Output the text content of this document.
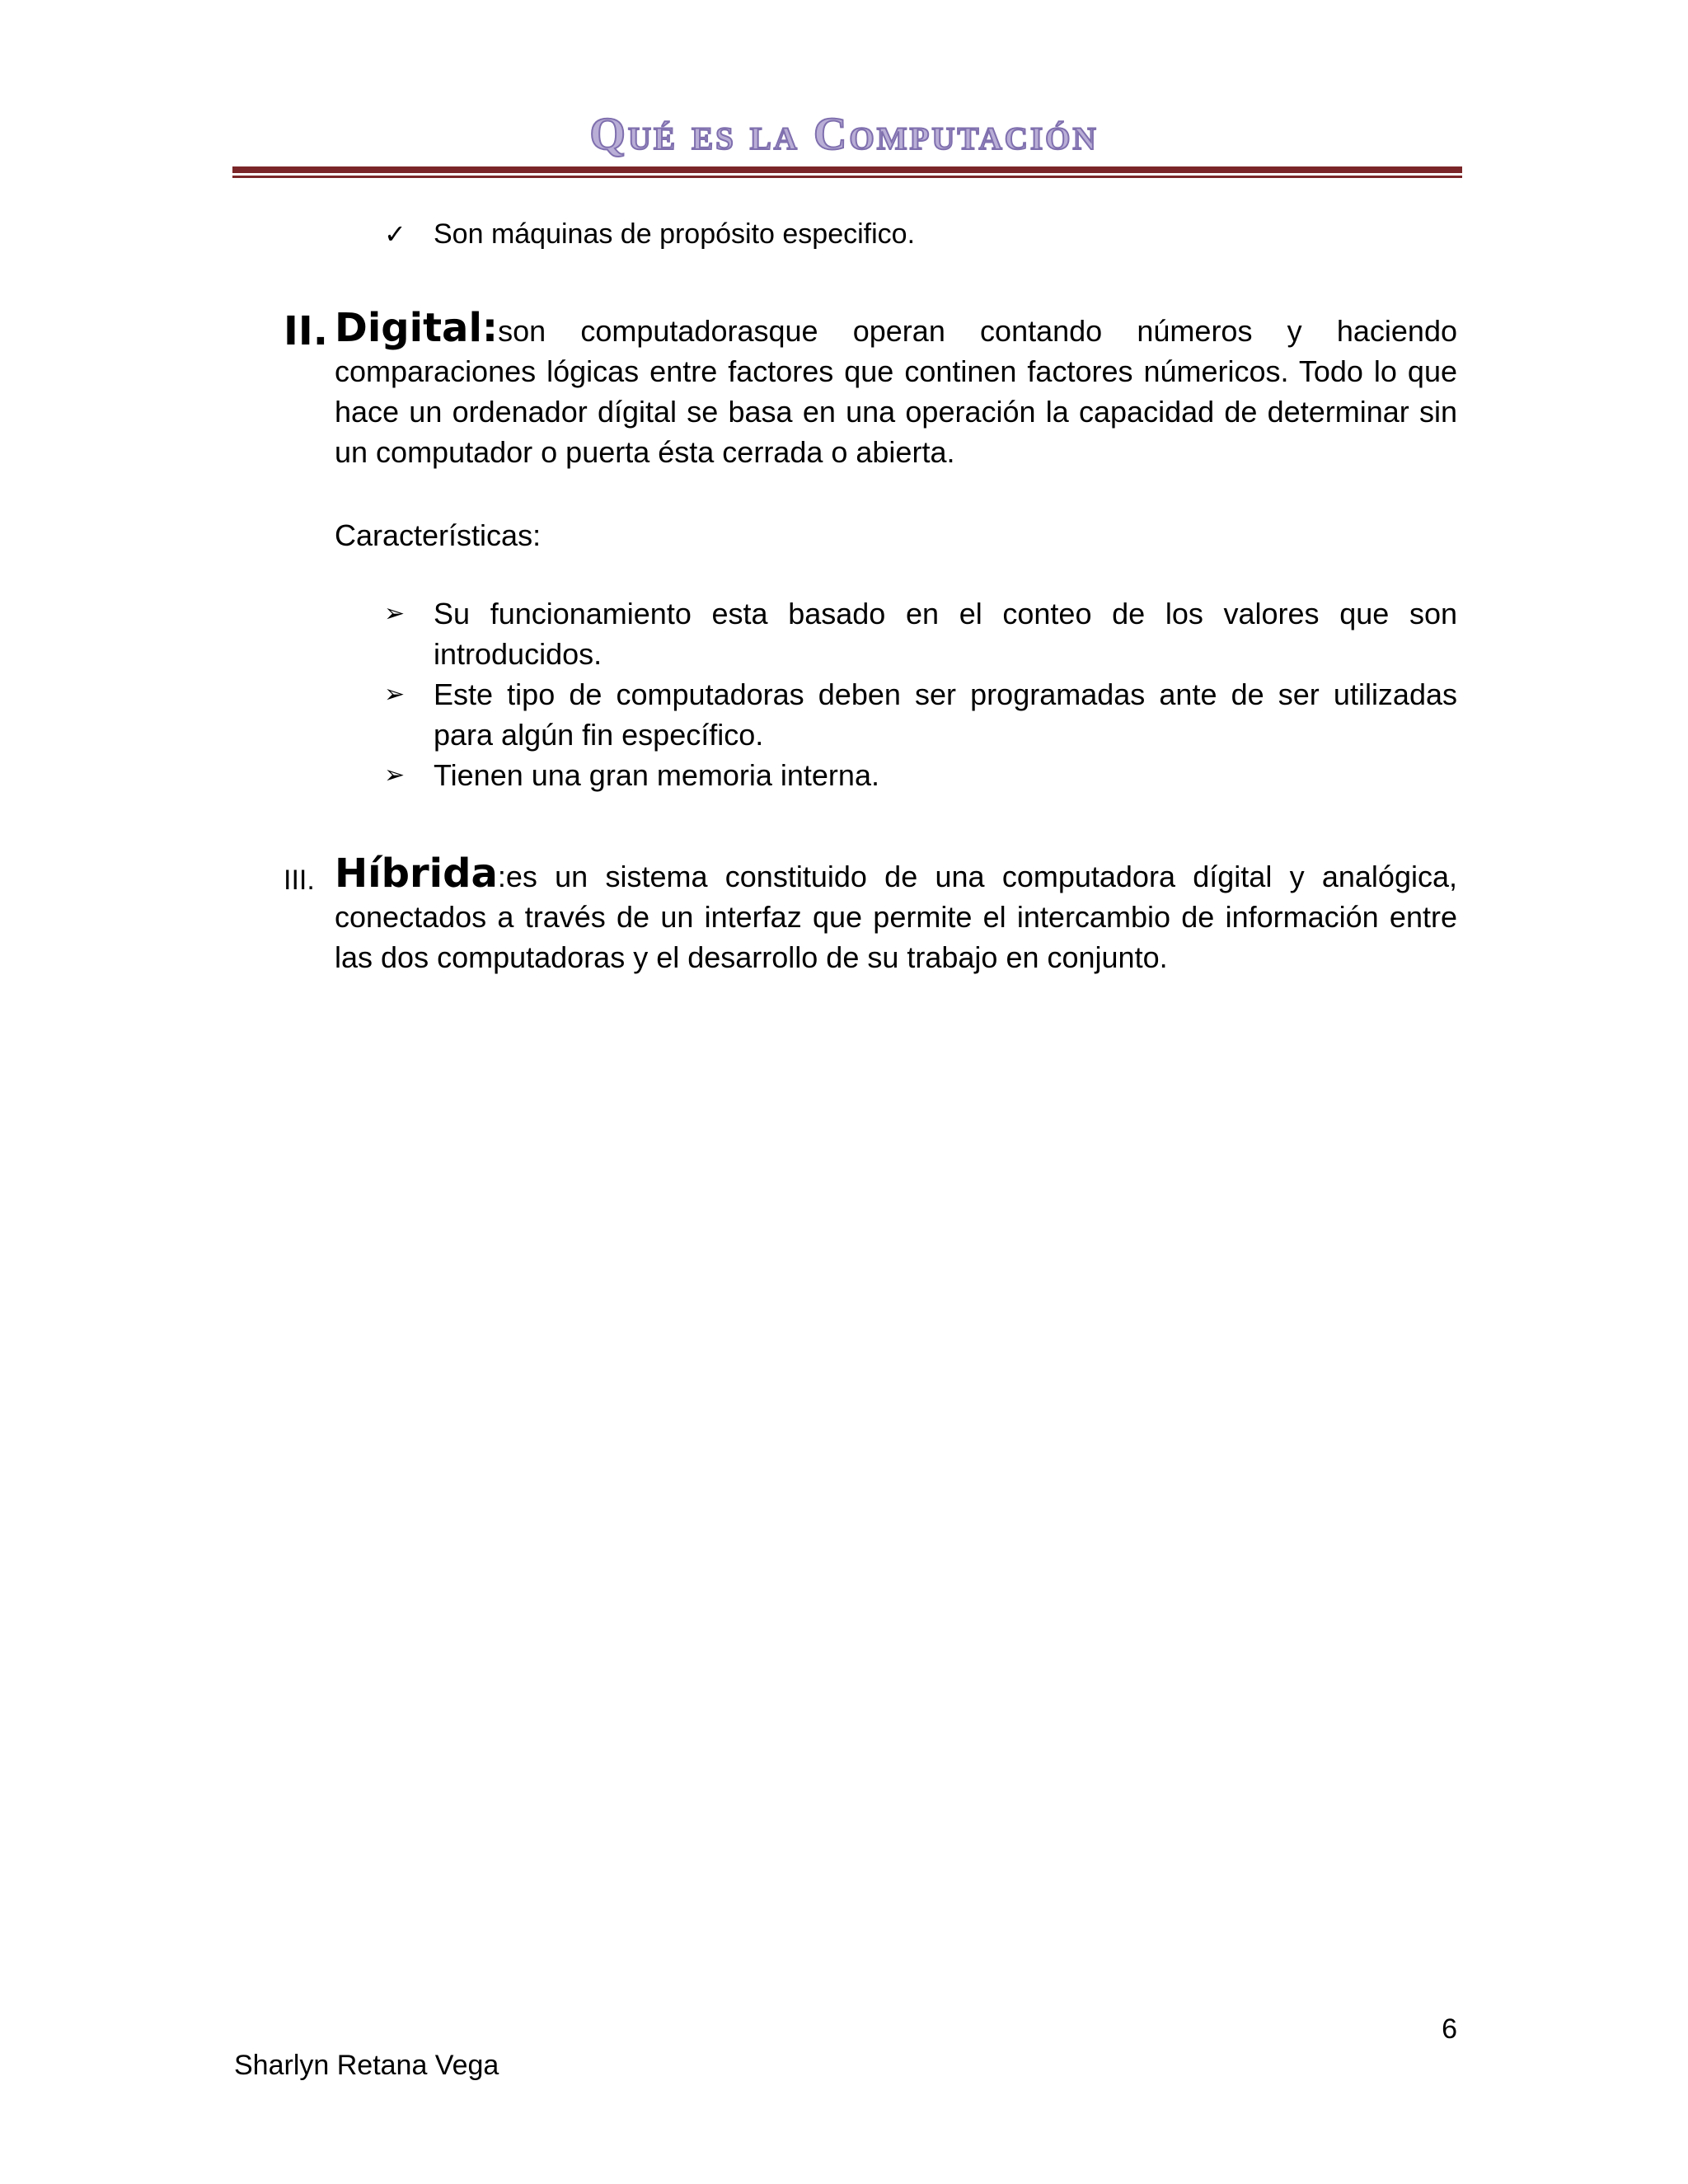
Qué es la Computación
✓ Son máquinas de propósito especifico.
II. Digital:son computadorasque operan contando números y haciendo comparaciones lógicas entre factores que continen factores númericos. Todo lo que hace un ordenador dígital se basa en una operación la capacidad de determinar sin un computador o puerta ésta cerrada o abierta.

Características:
➢ Su funcionamiento esta basado en el conteo de los valores que son introducidos.
➢ Este tipo de computadoras deben ser programadas ante de ser utilizadas para algún fin específico.
➢ Tienen una gran memoria interna.
III. Híbrida:es un sistema constituido de una computadora dígital y analógica, conectados a través de un interfaz que permite el intercambio de información entre las dos computadoras y el desarrollo de su trabajo en conjunto.

6
Sharlyn Retana Vega
